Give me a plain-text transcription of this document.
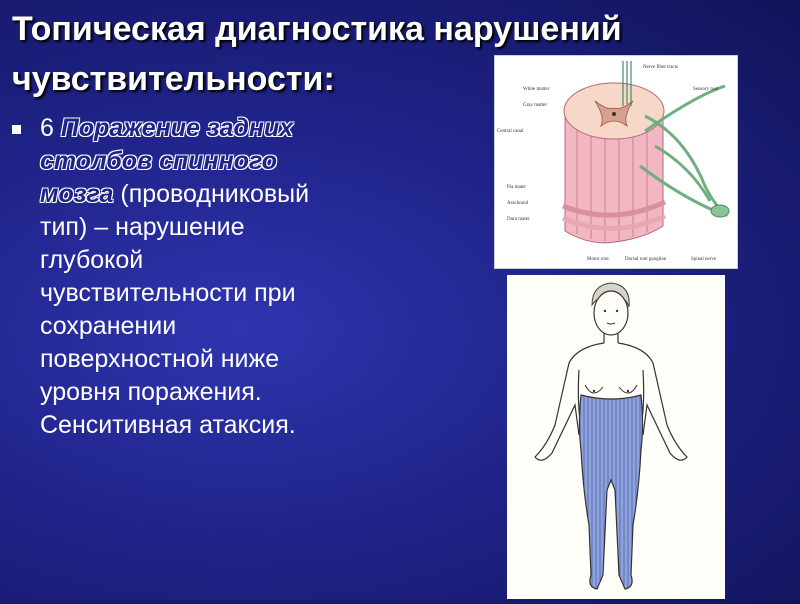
Топическая диагностика нарушений чувствительности:
6 Поражение задних столбов спинного мозга (проводниковый тип) – нарушение глубокой чувствительности при сохранении поверхностной ниже уровня поражения. Сенситивная атаксия.
White matter
Gray matter
Central canal
Nerve fiber tracts
Sensory root
Pia mater
Arachnoid
Dura mater
Motor root	Dorsal root ganglion	Spinal nerve
